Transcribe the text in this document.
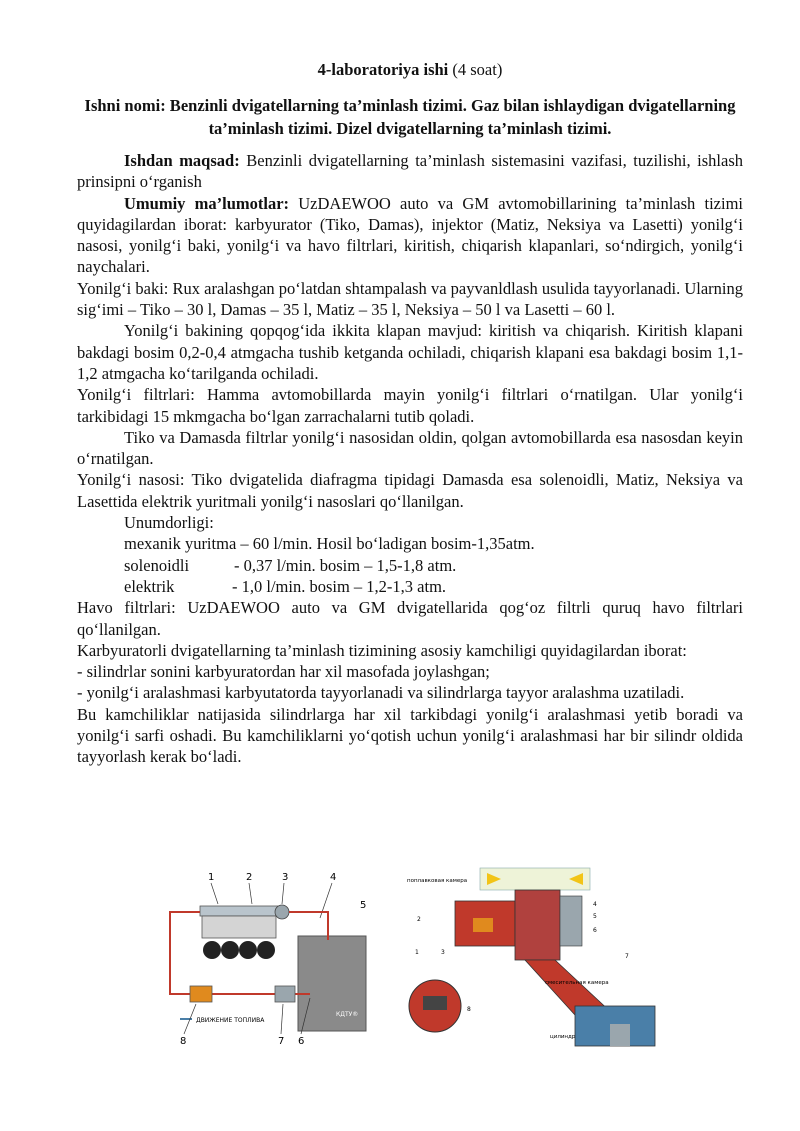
4-laboratoriya ishi (4 soat)
Ishni nomi: Benzinli dvigatellarning ta’minlash tizimi. Gaz bilan ishlaydigan dvigatellarning ta’minlash tizimi. Dizel dvigatellarning ta’minlash tizimi.

Ishdan maqsad: Benzinli dvigatellarning ta’minlash sistemasini vazifasi, tuzilishi, ishlash prinsipni o‘rganish

Umumiy ma’lumotlar: UzDAEWOO auto va GM avtomobillarining ta’minlash tizimi quyidagilardan iborat: karbyurator (Tiko, Damas), injektor (Matiz, Neksiya va Lasetti) yonilg‘i nasosi, yonilg‘i baki, yonilg‘i va havo filtrlari, kiritish, chiqarish klapanlari, so‘ndirgich, yonilg‘i naychalari.

Yonilg‘i baki: Rux aralashgan po‘latdan shtampalash va payvanldlash usulida tayyorlanadi. Ularning sig‘imi – Tiko – 30 l, Damas – 35 l, Matiz – 35 l, Neksiya – 50 l va Lasetti – 60 l.

Yonilg‘i bakining qopqog‘ida ikkita klapan mavjud: kiritish va chiqarish. Kiritish klapani bakdagi bosim 0,2-0,4 atmgacha tushib ketganda ochiladi, chiqarish klapani esa bakdagi bosim 1,1-1,2 atmgacha ko‘tarilganda ochiladi.

Yonilg‘i filtrlari: Hamma avtomobillarda mayin yonilg‘i filtrlari o‘rnatilgan. Ular yonilg‘i tarkibidagi 15 mkmgacha bo‘lgan zarrachalarni tutib qoladi.

Tiko va Damasda filtrlar yonilg‘i nasosidan oldin, qolgan avtomobillarda esa nasosdan keyin o‘rnatilgan.

Yonilg‘i nasosi: Tiko dvigatelida diafragma tipidagi Damasda esa solenoidli, Matiz, Neksiya va Lasettida elektrik yuritmali yonilg‘i nasoslari qo‘llanilgan.

Unumdorligi:

mexanik yuritma – 60 l/min. Hosil bo‘ladigan bosim-1,35atm.

solenoidli	- 0,37 l/min. bosim – 1,5-1,8 atm.

elektrik	- 1,0 l/min. bosim – 1,2-1,3 atm.

Havo filtrlari: UzDAEWOO auto va GM dvigatellarida qog‘oz filtrli quruq havo filtrlari qo‘llanilgan.

Karbyuratorli dvigatellarning ta’minlash tizimining asosiy kamchiligi quyidagilardan iborat:

- silindrlar sonini karbyuratordan har xil masofada joylashgan;

- yonilg‘i aralashmasi karbyutatorda tayyorlanadi va silindrlarga tayyor aralashma uzatiladi.

Bu kamchiliklar natijasida silindrlarga har xil tarkibdagi yonilg‘i aralashmasi yetib boradi va yonilg‘i sarfi oshadi. Bu kamchiliklarni yo‘qotish uchun yonilg‘i aralashmasi har bir silindr oldida tayyorlash kerak bo‘ladi.

1	2	3	4
5
КДТУ®
ДВИЖЕНИЕ ТОПЛИВА
8	7 6
поплавковая камера
смесительная камера
цилиндр
2
1	3
4
5
6
7
8
